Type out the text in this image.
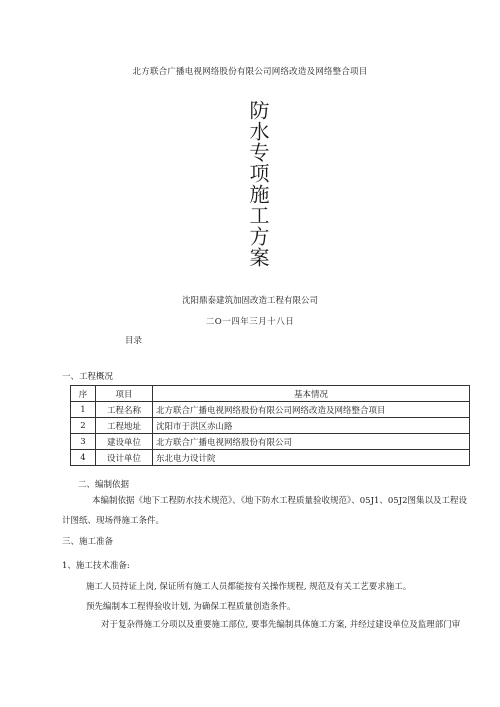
北方联合广播电视网络股份有限公司网络改造及网络整合项目
防水专项施工方案
沈阳鼎泰建筑加固改造工程有限公司
二O一四年三月十八日
目录
一、工程概况
序	项目	基本情况
1	工程名称	北方联合广播电视网络股份有限公司网络改造及网络整合项目
2	工程地址	沈阳市于洪区赤山路
3	建设单位	北方联合广播电视网络股份有限公司
4	设计单位	东北电力设计院
二、编制依据
本编制依据《地下工程防水技术规范》、《地下防水工程质量验收规范》、05J1、05J2图集以及工程设计图纸、现场得施工条件。
三、施工准备
1、施工技术准备:
施工人员持证上岗, 保证所有施工人员都能按有关操作规程, 规范及有关工艺要求施工。
预先编制本工程得验收计划, 为确保工程质量创造条件。
对于复杂得施工分项以及重要施工部位, 要事先编制具体施工方案, 并经过建设单位及监理部门审
